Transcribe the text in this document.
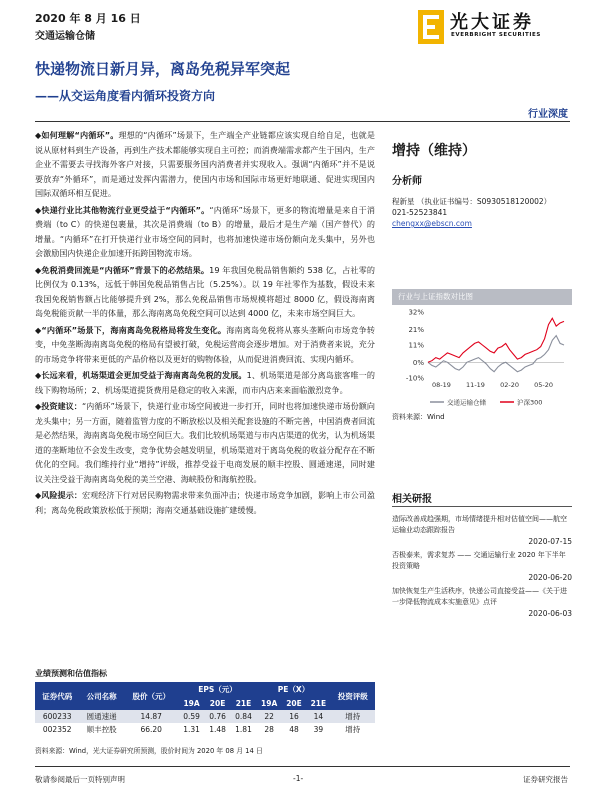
2020 年 8 月 16 日
交通运输仓储
光大证券
EVERBRIGHT SECURITIES
快递物流日新月异，离岛免税异军突起
——从交运角度看内循环投资方向
行业深度

◆如何理解“内循环”。理想的“内循环”场景下，生产端全产业链都应该实现自给自足，也就是说从原材料到生产设备，再到生产技术都能够实现自主可控；而消费端需求都产生于国内，生产企业不需要去寻找海外客户对接，只需要服务国内消费者并实现收入。强调“内循环”并不是说要放弃“外循环”，而是通过发挥内需潜力，使国内市场和国际市场更好地联通、促进实现国内国际双循环相互促进。

◆快递行业比其他物流行业更受益于“内循环”。“内循环”场景下，更多的物流增量是来自于消费端（to C）的快递包裹量，其次是消费端（to B）的增量，最后才是生产端（国产替代）的增量。“内循环”在打开快递行业市场空间的同时，也将加速快递市场份额向龙头集中，另外也会激励国内快递企业加速开拓跨国物流市场。

◆免税消费回流是“内循环”背景下的必然结果。19 年我国免税品销售额约 538 亿，占社零的比例仅为 0.13%，远低于韩国免税品销售占比（5.25%）。以 19 年社零作为基数，假设未来我国免税销售额占比能够提升到 2%，那么免税品销售市场规模将超过 8000 亿，假设海南离岛免税能贡献一半的体量，那么海南离岛免税空间可以达到 4000 亿，未来市场空间巨大。

◆“内循环”场景下，海南离岛免税格局将发生变化。海南离岛免税将从寡头垄断向市场竞争转变，中免垄断海南离岛免税的格局有望被打破，免税运营商会逐步增加。对于消费者来说，充分的市场竞争将带来更低的产品价格以及更好的购物体验，从而促进消费回流、实现内循环。

◆长远来看，机场渠道会更加受益于海南离岛免税的发展。1、机场渠道是部分离岛旅客唯一的线下购物场所；2、机场渠道提货费用是稳定的收入来源，而市内店来来面临激烈竞争。

◆投资建议：“内循环”场景下，快递行业市场空间被进一步打开，同时也将加速快递市场份额向龙头集中；另一方面，随着监管力度的不断放松以及相关配套设施的不断完善，中国消费者回流是必然结果，海南离岛免税市场空间巨大。我们比较机场渠道与市内店渠道的优劣，认为机场渠道的垄断地位不会发生改变，竞争优势会越发明显，机场渠道对于离岛免税的收益分配存在不断优化的空间。我们维持行业“增持”评级，推荐受益于电商发展的顺丰控股、圆通速递，同时建议关注受益于海南离岛免税的美兰空港、海峡股份和海航控股。

◆风险提示：宏观经济下行对居民购物需求带来负面冲击；快递市场竞争加剧，影响上市公司盈利；离岛免税政策放松低于预期；海南交通基础设施扩建缓慢。

增持（维持）
分析师
程新星 （执业证书编号：S0930518120002）
021-52523841
chengxx@ebscn.com
行业与上证指数对比图
32%
21%
11%
0%
-10%
08-19 11-19 02-20 05-20
交通运输仓储	沪深300
资料来源：Wind
相关研报
造际改善成趋强期，市场情绪提升相对估值空间——航空运输业动态跟踪报告
2020-07-15
否极泰来，需求复苏 —— 交通运输行业 2020 年下半年投资策略
2020-06-20
加快恢复生产生活秩序，快递公司直接受益——《关于进一步降低物流成本实施意见》点评
2020-06-03
业绩预测和估值指标
证券代码	公司名称	股价（元）	EPS（元）			PE（X）			投资评级
			19A	20E	21E	19A	20E	21E	
600233	圆通速递	14.87	0.59	0.76	0.84	22	16	14	增持
002352	顺丰控股	66.20	1.31	1.48	1.81	28	48	39	增持
资料来源：Wind，光大证券研究所预测，股价时间为 2020 年 08 月 14 日
敬请参阅最后一页特别声明	-1-	证券研究报告
